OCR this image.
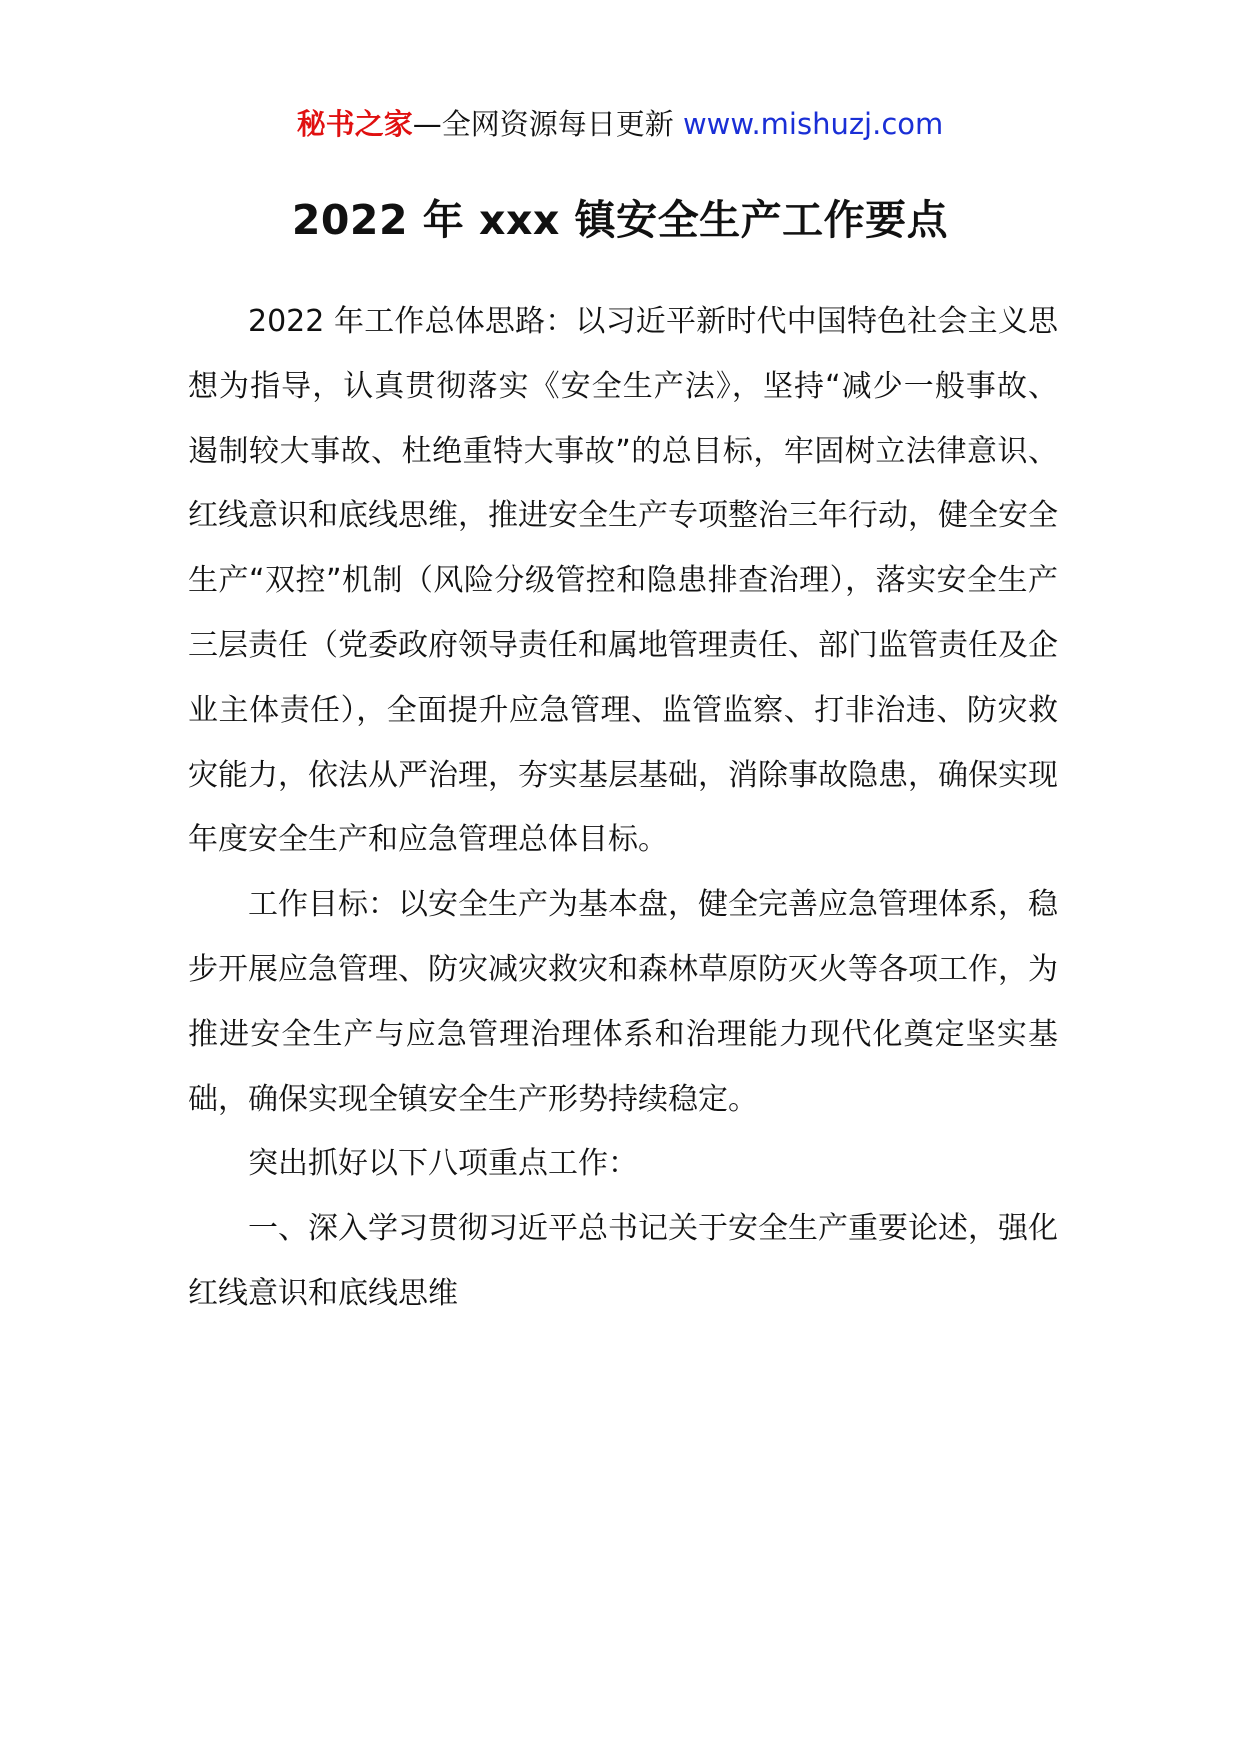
秘书之家—全网资源每日更新 www.mishuzj.com
2022 年 xxx 镇安全生产工作要点

2022 年工作总体思路：以习近平新时代中国特色社会主义思想为指导，认真贯彻落实《安全生产法》，坚持“减少一般事故、遏制较大事故、杜绝重特大事故”的总目标，牢固树立法律意识、红线意识和底线思维，推进安全生产专项整治三年行动，健全安全生产“双控”机制（风险分级管控和隐患排查治理），落实安全生产三层责任（党委政府领导责任和属地管理责任、部门监管责任及企业主体责任），全面提升应急管理、监管监察、打非治违、防灾救灾能力，依法从严治理，夯实基层基础，消除事故隐患，确保实现年度安全生产和应急管理总体目标。

工作目标：以安全生产为基本盘，健全完善应急管理体系，稳步开展应急管理、防灾减灾救灾和森林草原防灭火等各项工作，为推进安全生产与应急管理治理体系和治理能力现代化奠定坚实基础，确保实现全镇安全生产形势持续稳定。

突出抓好以下八项重点工作：

一、深入学习贯彻习近平总书记关于安全生产重要论述，强化红线意识和底线思维
